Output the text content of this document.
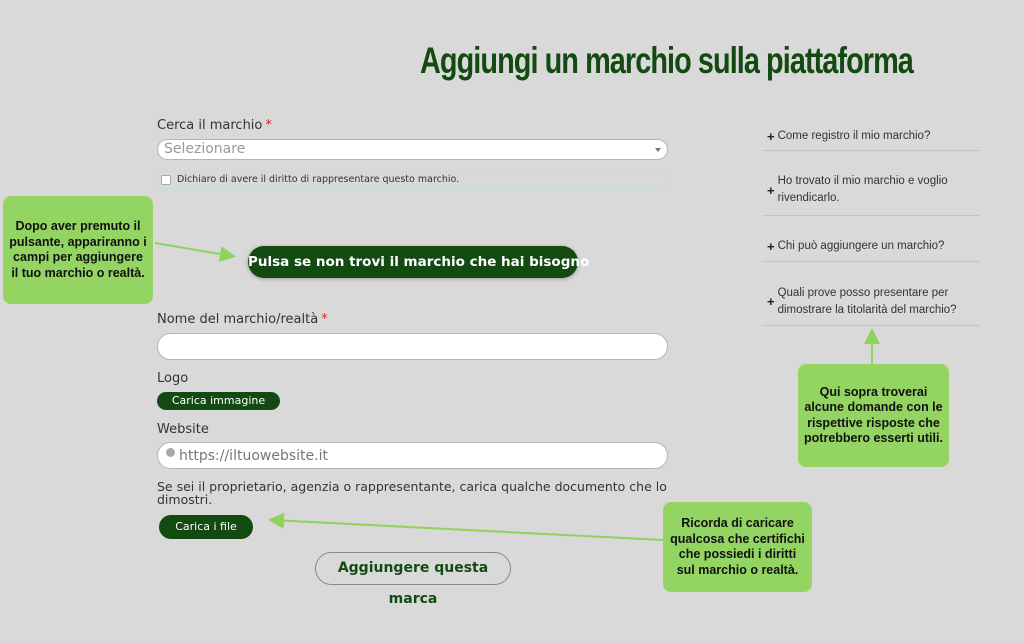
Aggiungi un marchio sulla piattaforma
Cerca il marchio *
Selezionare
Dichiaro di avere il diritto di rappresentare questo marchio.
Pulsa se non trovi il marchio che hai bisogno
Nome del marchio/realtà *
Logo
Carica immagine
Website
https://iltuowebsite.it
Se sei il proprietario, agenzia o rappresentante, carica qualche documento che lo dimostri.
Carica i file
Aggiungere questa marca
+ Come registro il mio marchio?
+
Ho trovato il mio marchio e voglio rivendicarlo.
+ Chi può aggiungere un marchio?
+
Quali prove posso presentare per dimostrare la titolarità del marchio?
Dopo aver premuto il pulsante, appariranno i campi per aggiungere il tuo marchio o realtà.
Qui sopra troverai alcune domande con le rispettive risposte che potrebbero esserti utili.
Ricorda di caricare qualcosa che certifichi che possiedi i diritti sul marchio o realtà.
